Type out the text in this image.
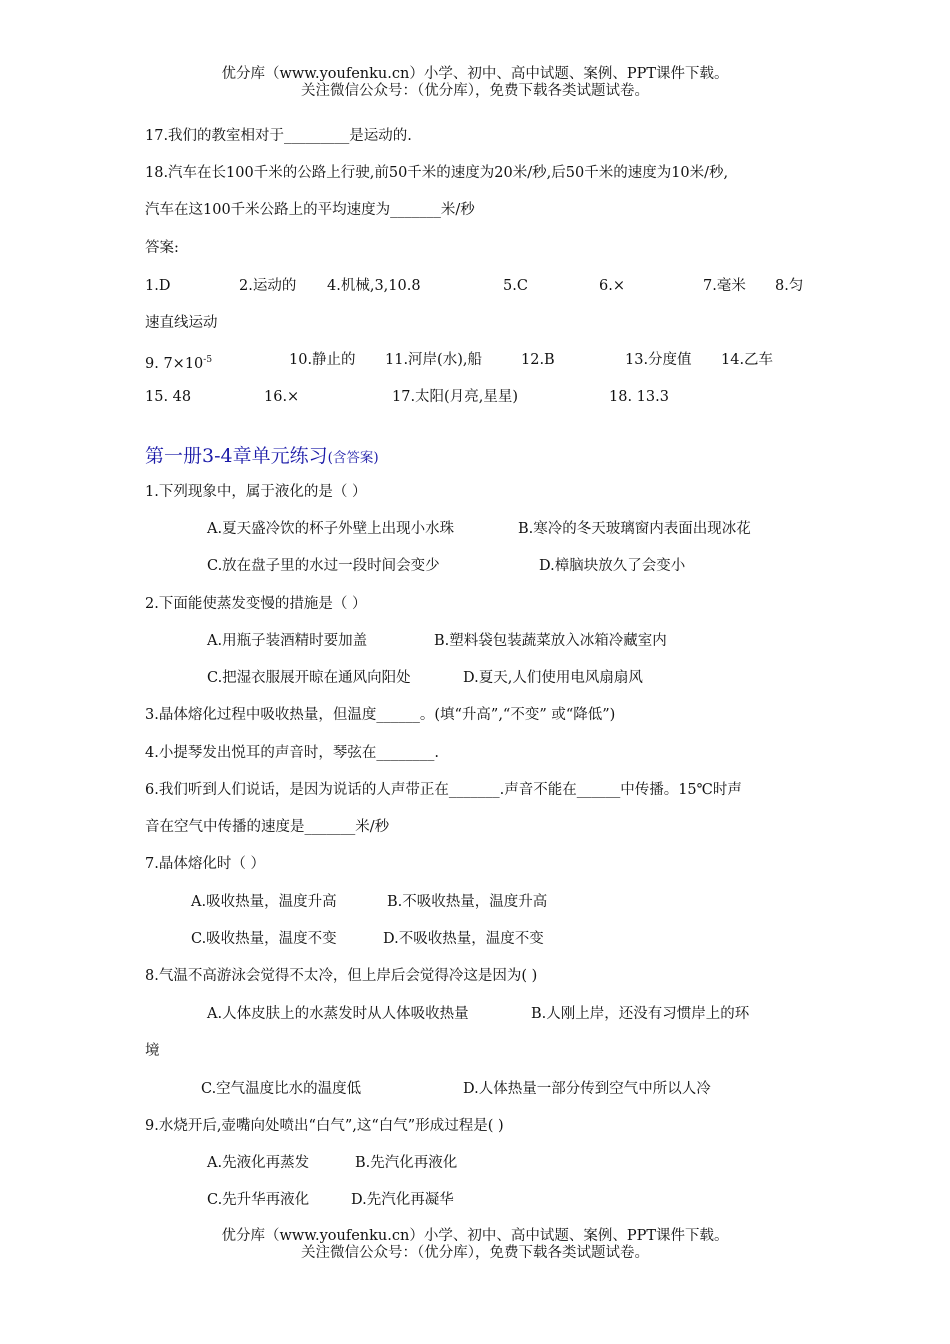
优分库（www.youfenku.cn）小学、初中、高中试题、案例、PPT课件下载。
关注微信公众号：（优分库），免费下载各类试题试卷。
17.我们的教室相对于_________是运动的.
18.汽车在长100千米的公路上行驶,前50千米的速度为20米/秒,后50千米的速度为10米/秒,
汽车在这100千米公路上的平均速度为_______米/秒
答案:
1.D	2.运动的 4.机械,3,10.8	5.C	6.×	7.毫米 8.匀
速直线运动
9. $7\times 10^{-5}$	10.静止的 11.河岸(水),船	12.B	13.分度值 14.乙车
15. 48	16.×	17.太阳(月亮,星星)	18. 13.3
第一册3-4章单元练习(含答案)
1.下列现象中，属于液化的是（ ）
A.夏天盛冷饮的杯子外壁上出现小水珠	B.寒冷的冬天玻璃窗内表面出现冰花
C.放在盘子里的水过一段时间会变少	D.樟脑块放久了会变小
2.下面能使蒸发变慢的措施是（ ）
A.用瓶子装酒精时要加盖	B.塑料袋包装蔬菜放入冰箱冷藏室内
C.把湿衣服展开晾在通风向阳处	D.夏天,人们使用电风扇扇风
3.晶体熔化过程中吸收热量，但温度______。(填“升高”,“不变” 或“降低”)
4.小提琴发出悦耳的声音时，琴弦在________.
6.我们听到人们说话，是因为说话的人声带正在_______.声音不能在______中传播。15℃时声
音在空气中传播的速度是_______米/秒
7.晶体熔化时（ ）
A.吸收热量，温度升高	B.不吸收热量，温度升高
C.吸收热量，温度不变	D.不吸收热量，温度不变
8.气温不高游泳会觉得不太冷，但上岸后会觉得冷这是因为( )
A.人体皮肤上的水蒸发时从人体吸收热量	B.人刚上岸，还没有习惯岸上的环
境
C.空气温度比水的温度低	D.人体热量一部分传到空气中所以人冷
9.水烧开后,壶嘴向处喷出“白气”,这“白气”形成过程是( )
A.先液化再蒸发	B.先汽化再液化
C.先升华再液化	D.先汽化再凝华
优分库（www.youfenku.cn）小学、初中、高中试题、案例、PPT课件下载。
关注微信公众号：（优分库），免费下载各类试题试卷。
